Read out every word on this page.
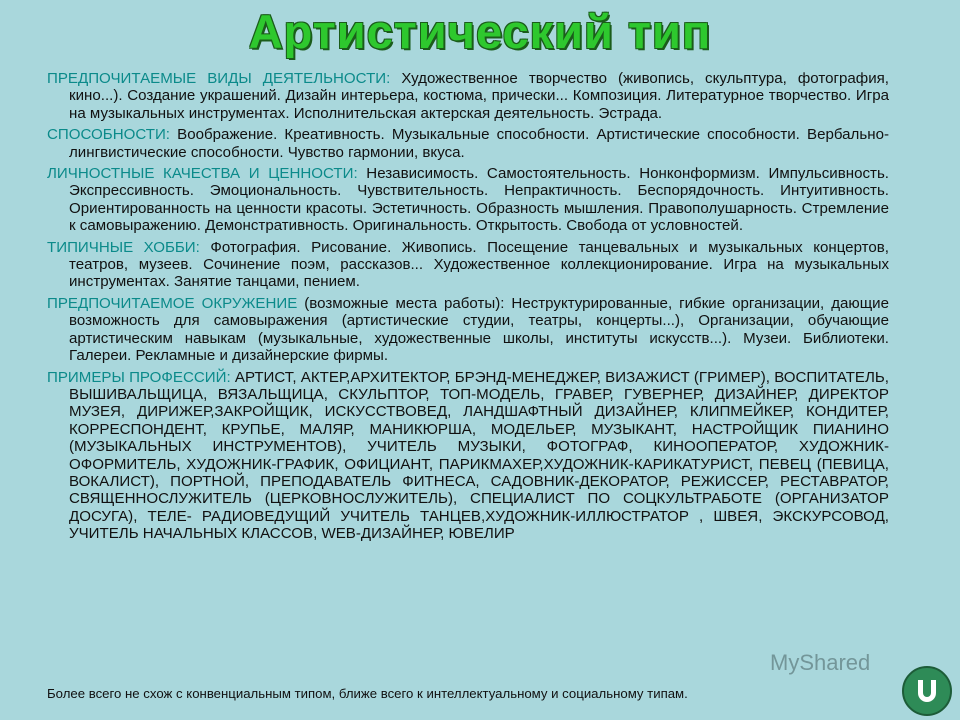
Артистический тип

ПРЕДПОЧИТАЕМЫЕ ВИДЫ ДЕЯТЕЛЬНОСТИ: Художественное творчество (живопись, скульптура, фотография, кино...). Создание украшений. Дизайн интерьера, костюма, прически... Композиция. Литературное творчество. Игра на музыкальных инструментах. Исполнительская актерская деятельность. Эстрада.

СПОСОБНОСТИ: Воображение. Креативность. Музыкальные способности. Артистические способности. Вербально-лингвистические способности. Чувство гармонии, вкуса.

ЛИЧНОСТНЫЕ КАЧЕСТВА И ЦЕННОСТИ: Независимость. Самостоятельность. Нонконформизм. Импульсивность. Экспрессивность. Эмоциональность. Чувствительность. Непрактичность. Беспорядочность. Интуитивность. Ориентированность на ценности красоты. Эстетичность. Образность мышления. Правополушарность. Стремление к самовыражению. Демонстративность. Оригинальность. Открытость. Свобода от условностей.

ТИПИЧНЫЕ ХОББИ: Фотография. Рисование. Живопись. Посещение танцевальных и музыкальных концертов, театров, музеев. Сочинение поэм, рассказов... Художественное коллекционирование. Игра на музыкальных инструментах. Занятие танцами, пением.

ПРЕДПОЧИТАЕМОЕ ОКРУЖЕНИЕ (возможные места работы): Неструктурированные, гибкие организации, дающие возможность для самовыражения (артистические студии, театры, концерты...), Организации, обучающие артистическим навыкам (музыкальные, художественные школы, институты искусств...). Музеи. Библиотеки. Галереи. Рекламные и дизайнерские фирмы.

ПРИМЕРЫ ПРОФЕССИЙ: АРТИСТ, АКТЕР,АРХИТЕКТОР, БРЭНД-МЕНЕДЖЕР, ВИЗАЖИСТ (ГРИМЕР), ВОСПИТАТЕЛЬ, ВЫШИВАЛЬЩИЦА, ВЯЗАЛЬЩИЦА, СКУЛЬПТОР, ТОП-МОДЕЛЬ, ГРАВЕР, ГУВЕРНЕР, ДИЗАЙНЕР, ДИРЕКТОР МУЗЕЯ, ДИРИЖЕР,ЗАКРОЙЩИК, ИСКУССТВОВЕД, ЛАНДШАФТНЫЙ ДИЗАЙНЕР, КЛИПМЕЙКЕР, КОНДИТЕР, КОРРЕСПОНДЕНТ, КРУПЬЕ, МАЛЯР, МАНИКЮРША, МОДЕЛЬЕР, МУЗЫКАНТ, НАСТРОЙЩИК ПИАНИНО (МУЗЫКАЛЬНЫХ ИНСТРУМЕНТОВ), УЧИТЕЛЬ МУЗЫКИ, ФОТОГРАФ, КИНООПЕРАТОР, ХУДОЖНИК-ОФОРМИТЕЛЬ, ХУДОЖНИК-ГРАФИК, ОФИЦИАНТ, ПАРИКМАХЕР,ХУДОЖНИК-КАРИКАТУРИСТ, ПЕВЕЦ (ПЕВИЦА, ВОКАЛИСТ), ПОРТНОЙ, ПРЕПОДАВАТЕЛЬ ФИТНЕСА, САДОВНИК-ДЕКОРАТОР, РЕЖИССЕР, РЕСТАВРАТОР, СВЯЩЕННОСЛУЖИТЕЛЬ (ЦЕРКОВНОСЛУЖИТЕЛЬ), СПЕЦИАЛИСТ ПО СОЦКУЛЬТРАБОТЕ (ОРГАНИЗАТОР ДОСУГА), ТЕЛЕ- РАДИОВЕДУЩИЙ УЧИТЕЛЬ ТАНЦЕВ,ХУДОЖНИК-ИЛЛЮСТРАТОР , ШВЕЯ, ЭКСКУРСОВОД, УЧИТЕЛЬ НАЧАЛЬНЫХ КЛАССОВ, WEB-ДИЗАЙНЕР, ЮВЕЛИР

Более всего не схож с конвенциальным типом, ближе всего к интеллектуальному и социальному типам.
MyShared
